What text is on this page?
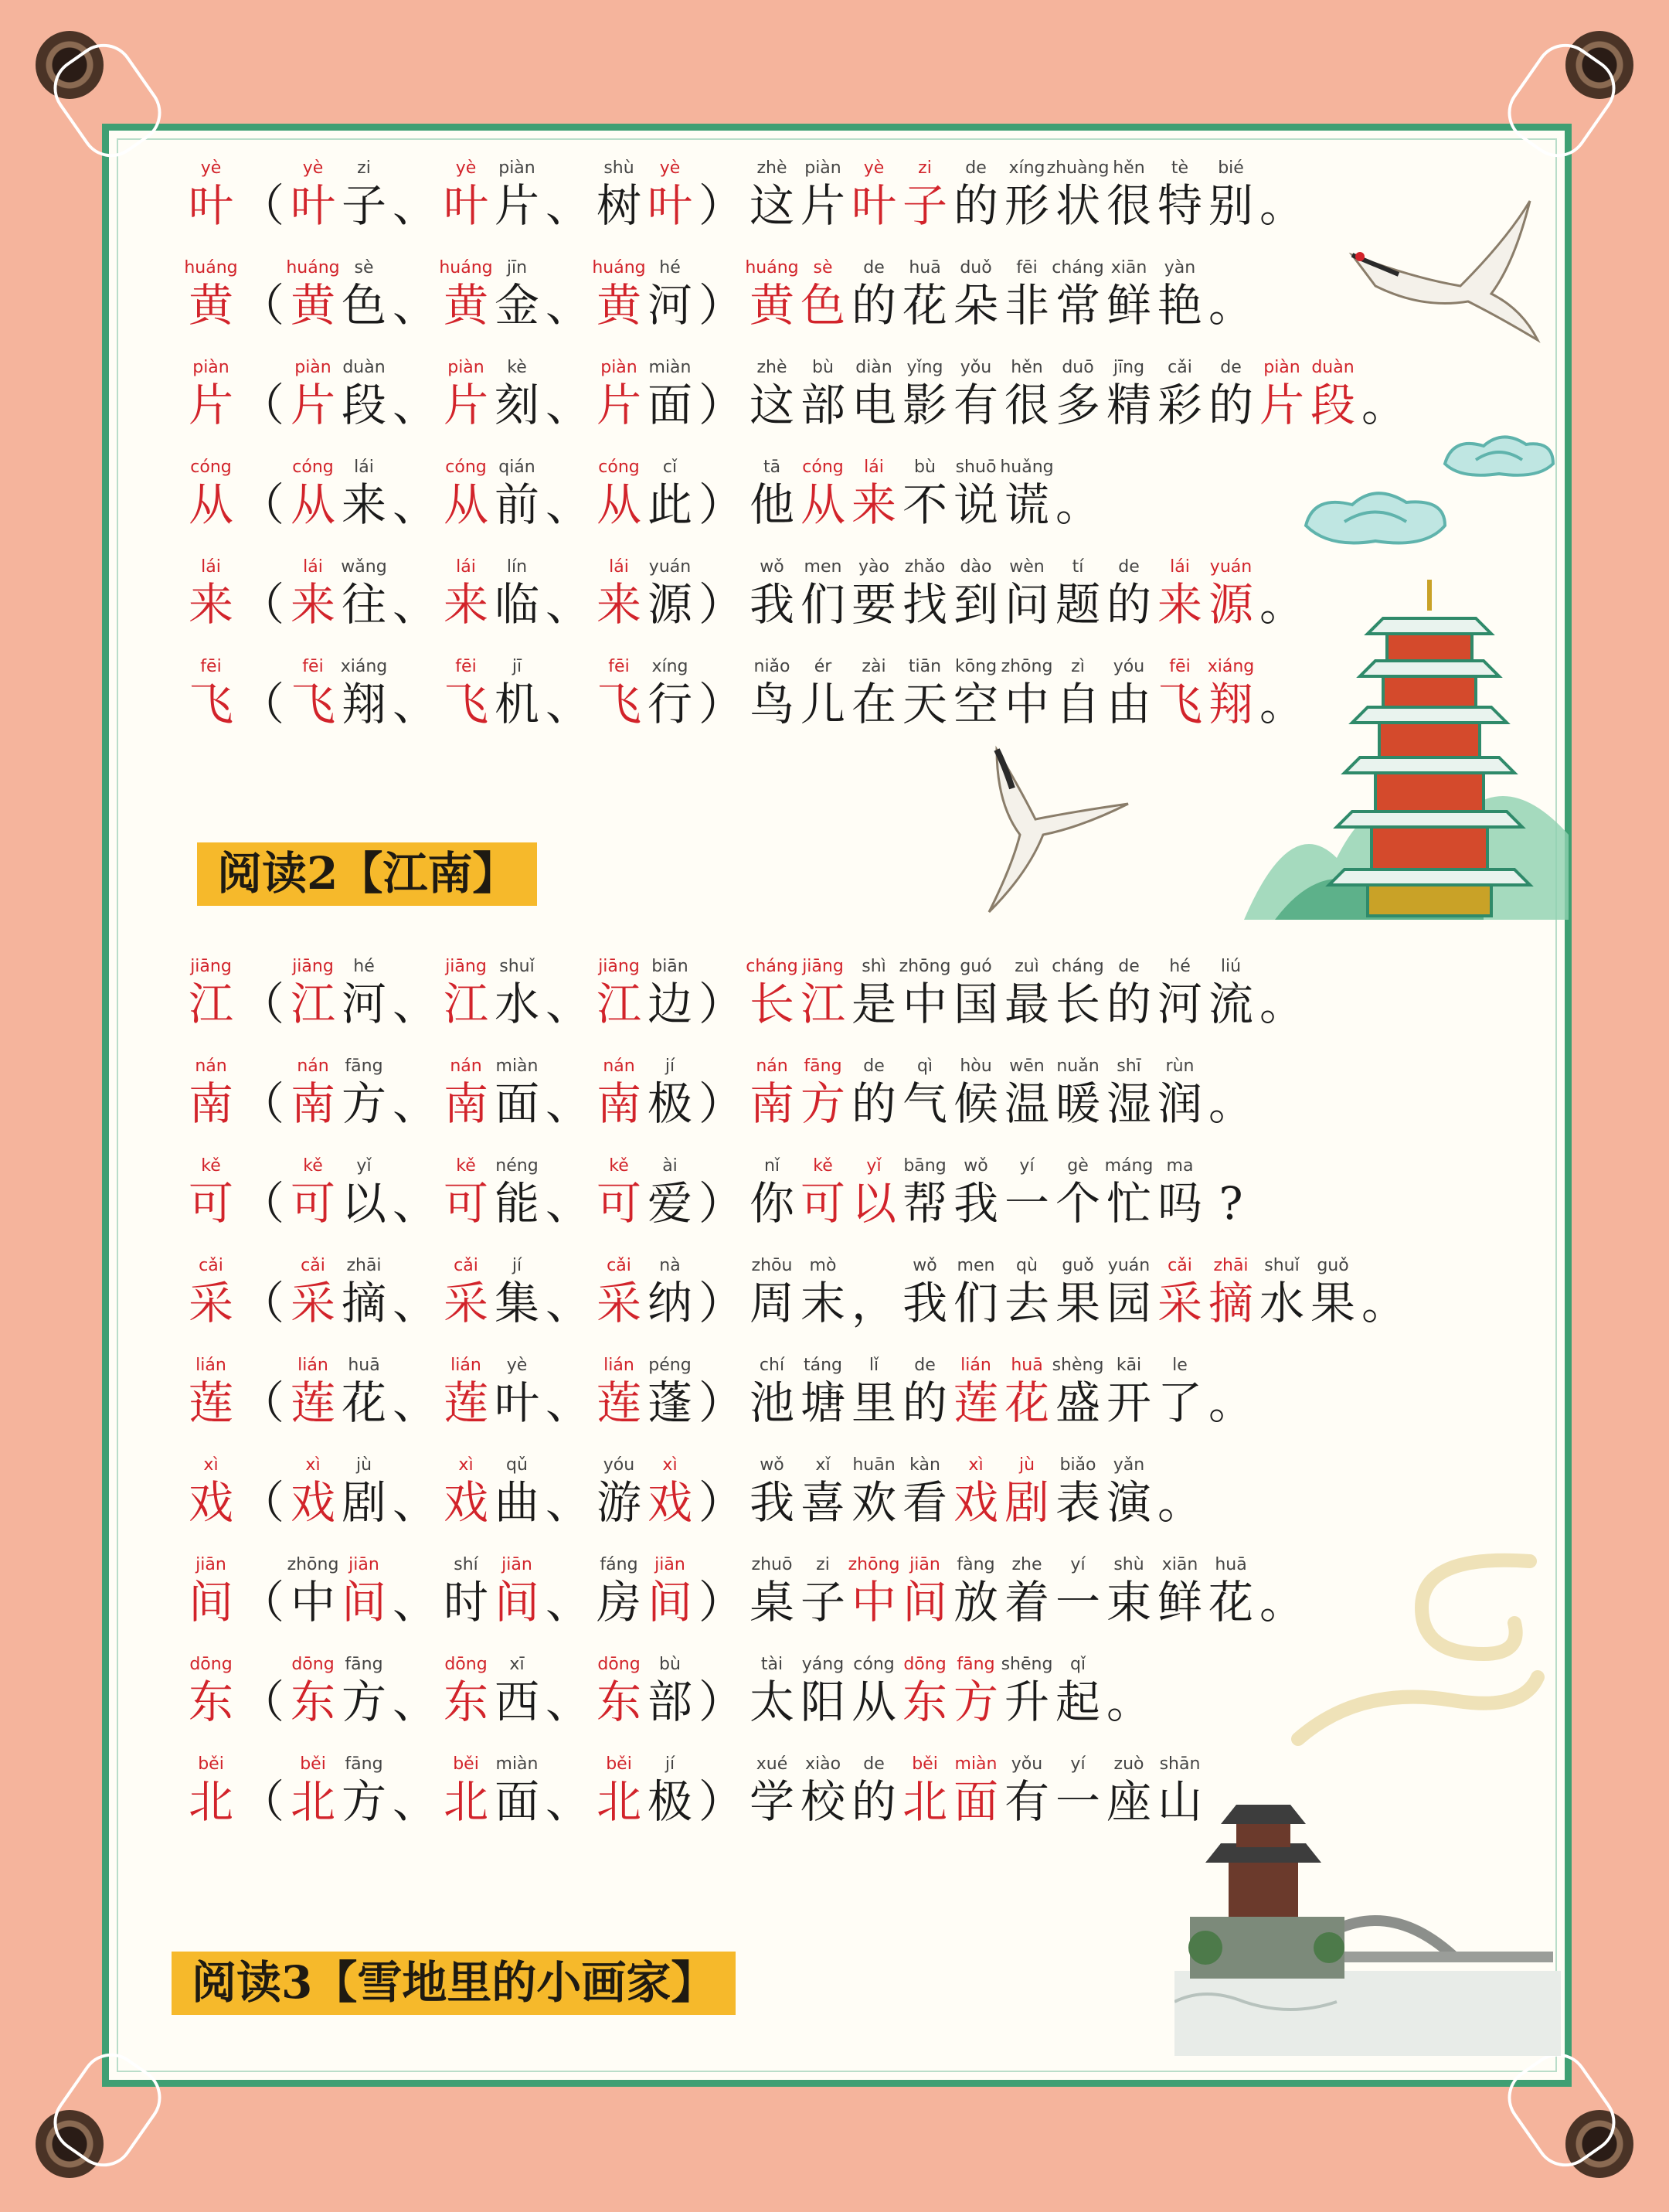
yè
叶 （
yè
叶
zi
子 、
yè
叶
piàn
片 、
shù
树
yè
叶 ）
zhè
这
piàn
片
yè
叶
zi
子
de
的
xíng
形
zhuàng
状
hěn
很
tè
特
bié
别 。
huáng
黄 （
huáng
黄
sè
色 、
huáng
黄
jīn
金 、
huáng
黄
hé
河 ）
huáng
黄
sè
色
de
的
huā
花
duǒ
朵
fēi
非
cháng
常
xiān
鲜
yàn
艳 。
piàn
片 （
piàn
片
duàn
段 、
piàn
片
kè
刻 、
piàn
片
miàn
面 ）
zhè
这
bù
部
diàn
电
yǐng
影
yǒu
有
hěn
很
duō
多
jīng
精
cǎi
彩
de
的
piàn
片
duàn
段 。
cóng
从 （
cóng
从
lái
来 、
cóng
从
qián
前 、
cóng
从
cǐ
此 ）
tā
他
cóng
从
lái
来
bù
不
shuō
说
huǎng
谎 。
lái
来 （
lái
来
wǎng
往 、
lái
来
lín
临 、
lái
来
yuán
源 ）
wǒ
我
men
们
yào
要
zhǎo
找
dào
到
wèn
问
tí
题
de
的
lái
来
yuán
源 。
fēi
飞 （
fēi
飞
xiáng
翔 、
fēi
飞
jī
机 、
fēi
飞
xíng
行 ）
niǎo
鸟
ér
儿
zài
在
tiān
天
kōng
空
zhōng
中
zì
自
yóu
由
fēi
飞
xiáng
翔 。
阅读2【江南】
jiāng
江 （
jiāng
江
hé
河 、
jiāng
江
shuǐ
水 、
jiāng
江
biān
边 ）
cháng
长
jiāng
江
shì
是
zhōng
中
guó
国
zuì
最
cháng
长
de
的
hé
河
liú
流 。
nán
南 （
nán
南
fāng
方 、
nán
南
miàn
面 、
nán
南
jí
极 ）
nán
南
fāng
方
de
的
qì
气
hòu
候
wēn
温
nuǎn
暖
shī
湿
rùn
润 。
kě
可 （
kě
可
yǐ
以 、
kě
可
néng
能 、
kě
可
ài
爱 ）
nǐ
你
kě
可
yǐ
以
bāng
帮
wǒ
我
yí
一
gè
个
máng
忙
ma
吗 ?
cǎi
采 （
cǎi
采
zhāi
摘 、
cǎi
采
jí
集 、
cǎi
采
nà
纳 ）
zhōu
周
mò
末 ，
wǒ
我
men
们
qù
去
guǒ
果
yuán
园
cǎi
采
zhāi
摘
shuǐ
水
guǒ
果 。
lián
莲 （
lián
莲
huā
花 、
lián
莲
yè
叶 、
lián
莲
péng
蓬 ）
chí
池
táng
塘
lǐ
里
de
的
lián
莲
huā
花
shèng
盛
kāi
开
le
了 。
xì
戏 （
xì
戏
jù
剧 、
xì
戏
qǔ
曲 、
yóu
游
xì
戏 ）
wǒ
我
xǐ
喜
huān
欢
kàn
看
xì
戏
jù
剧
biǎo
表
yǎn
演 。
jiān
间 （
zhōng
中
jiān
间 、
shí
时
jiān
间 、
fáng
房
jiān
间 ）
zhuō
桌
zi
子
zhōng
中
jiān
间
fàng
放
zhe
着
yí
一
shù
束
xiān
鲜
huā
花 。
dōng
东 （
dōng
东
fāng
方 、
dōng
东
xī
西 、
dōng
东
bù
部 ）
tài
太
yáng
阳
cóng
从
dōng
东
fāng
方
shēng
升
qǐ
起 。
běi
北 （
běi
北
fāng
方 、
běi
北
miàn
面 、
běi
北
jí
极 ）
xué
学
xiào
校
de
的
běi
北
miàn
面
yǒu
有
yí
一
zuò
座
shān
山
阅读3【雪地里的小画家】
